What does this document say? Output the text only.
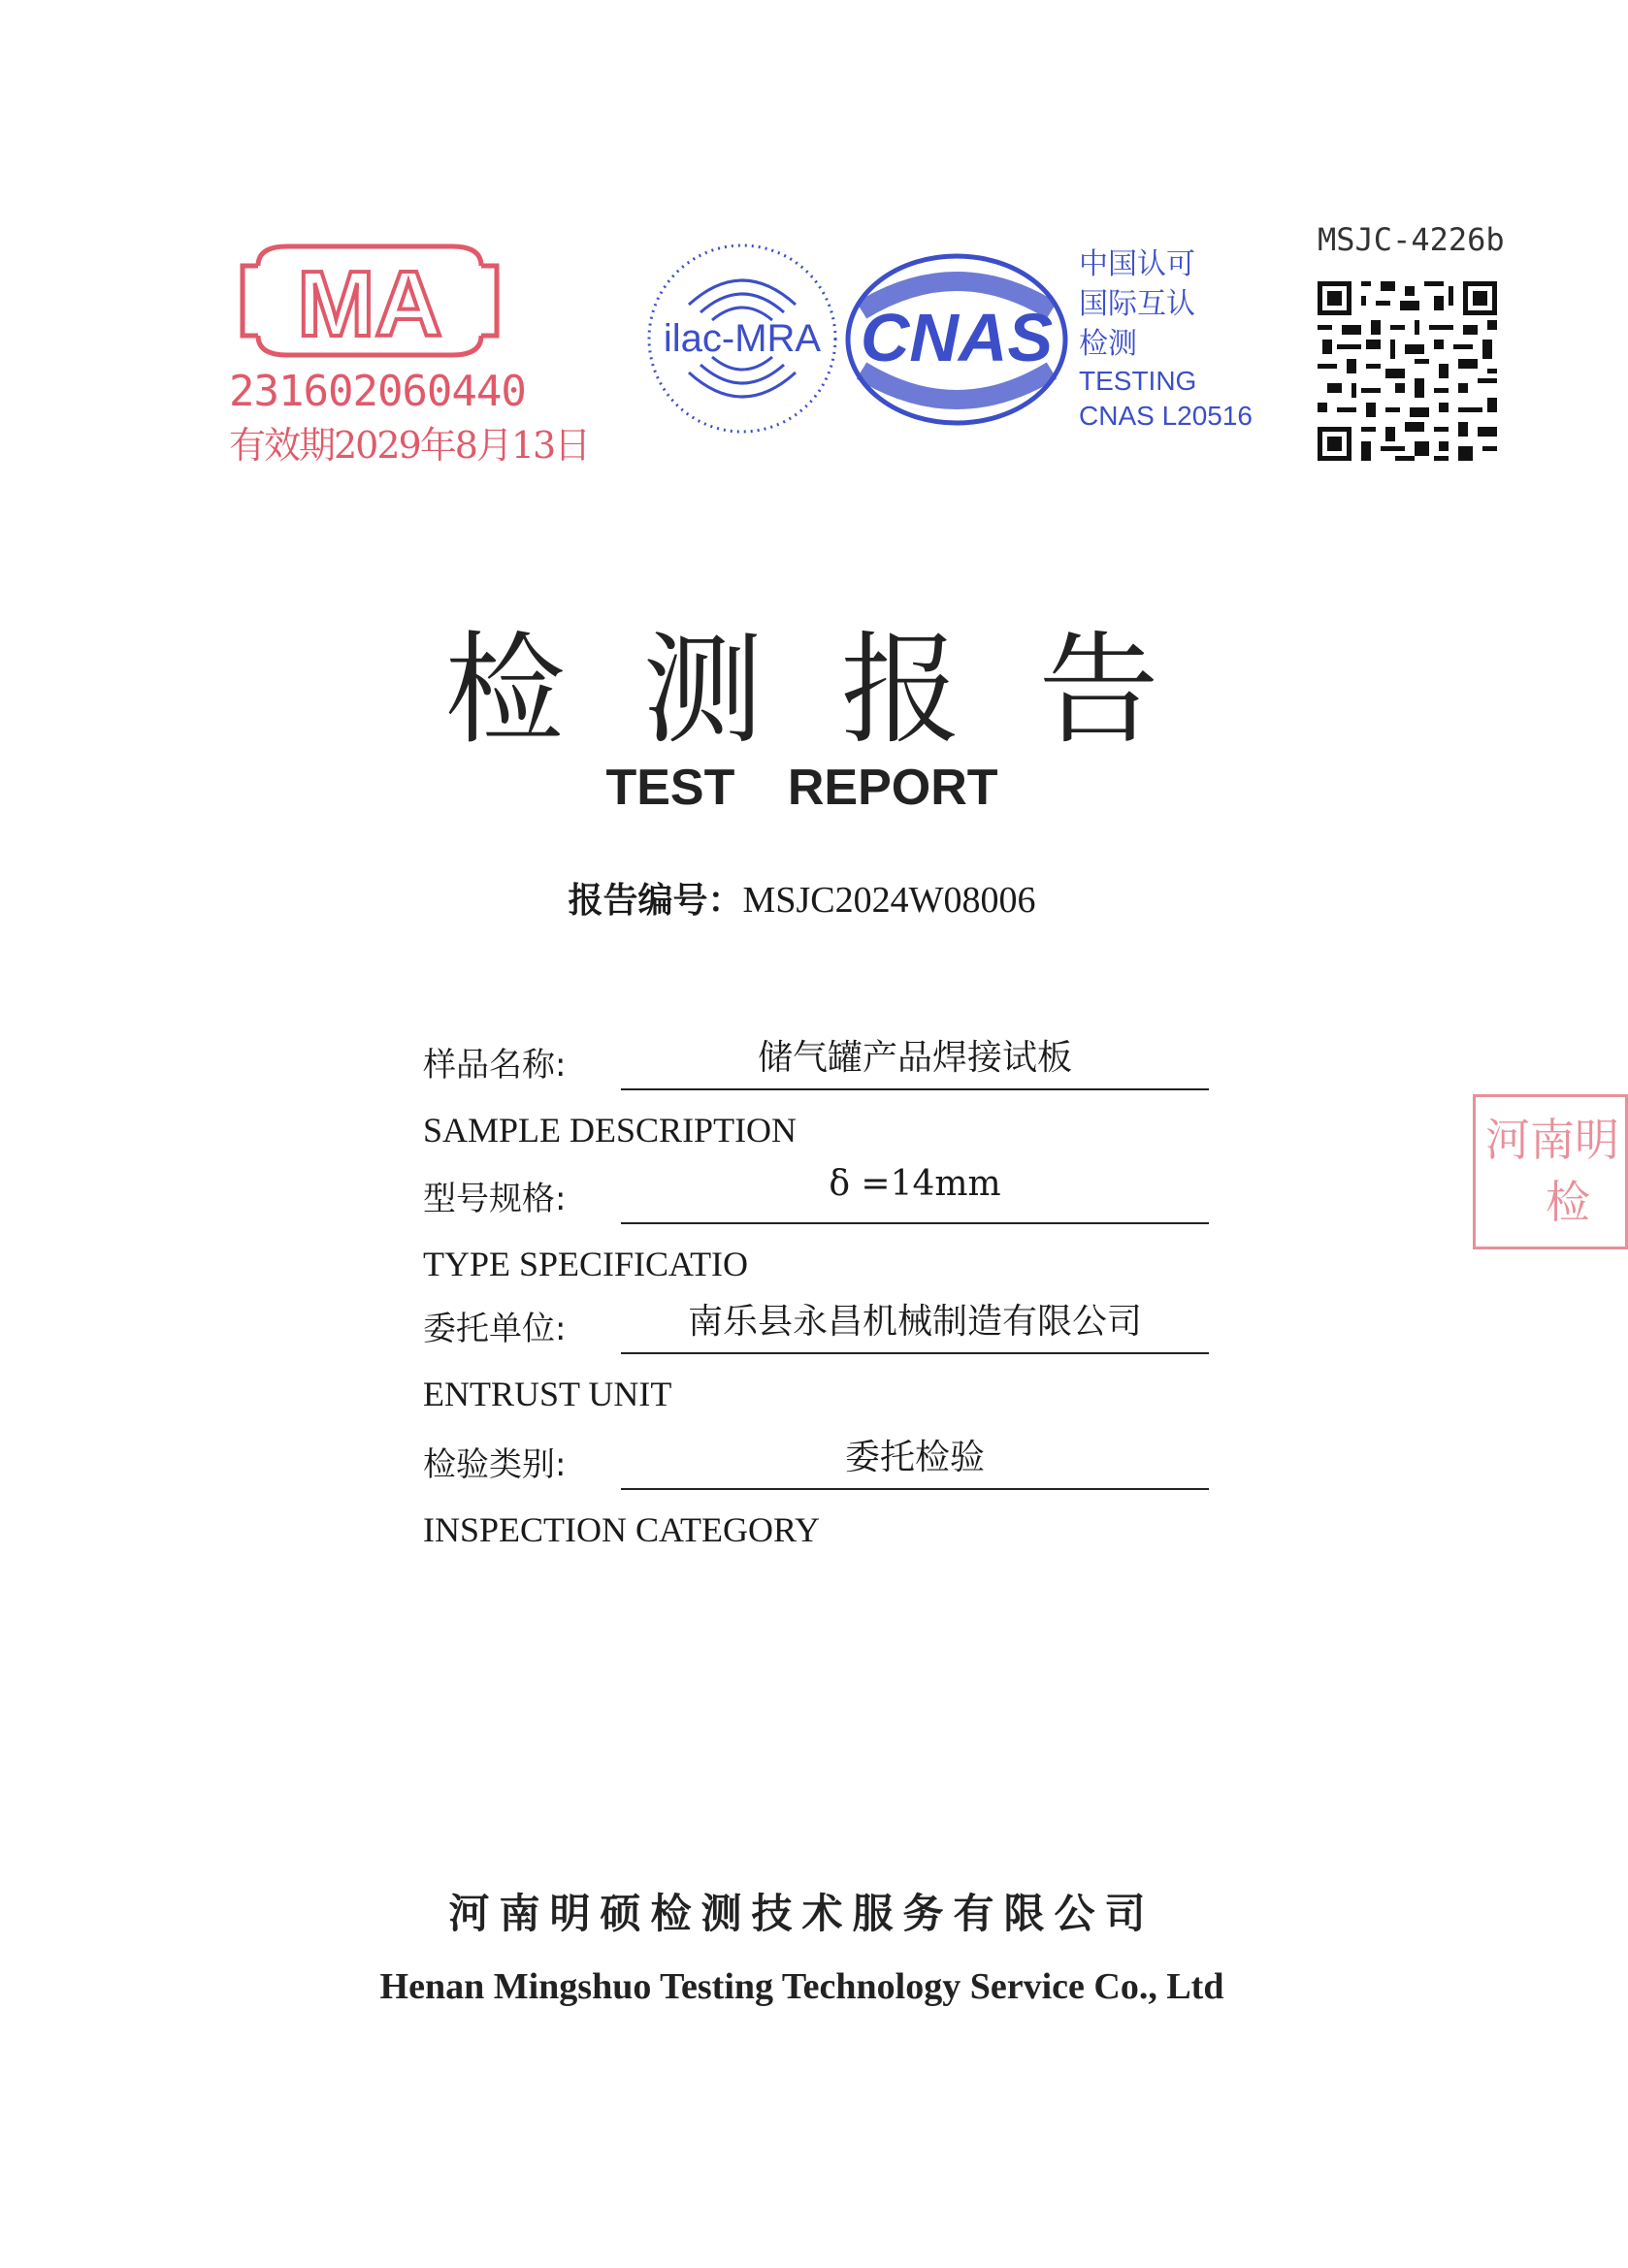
MA
231602060440
有效期2029年8月13日
ilac-MRA CNAS
中国认可
国际互认
检测
TESTING
CNAS L20516
MSJC-4226b
检测报告
TEST REPORT
报告编号：MSJC2024W08006
样品名称:	储气罐产品焊接试板
SAMPLE DESCRIPTION
型号规格:	δ =14mm
TYPE SPECIFICATIO
委托单位:	南乐县永昌机械制造有限公司
ENTRUST UNIT
检验类别:	委托检验
INSPECTION CATEGORY
河南明
检
河南明硕检测技术服务有限公司
Henan Mingshuo Testing Technology Service Co., Ltd
